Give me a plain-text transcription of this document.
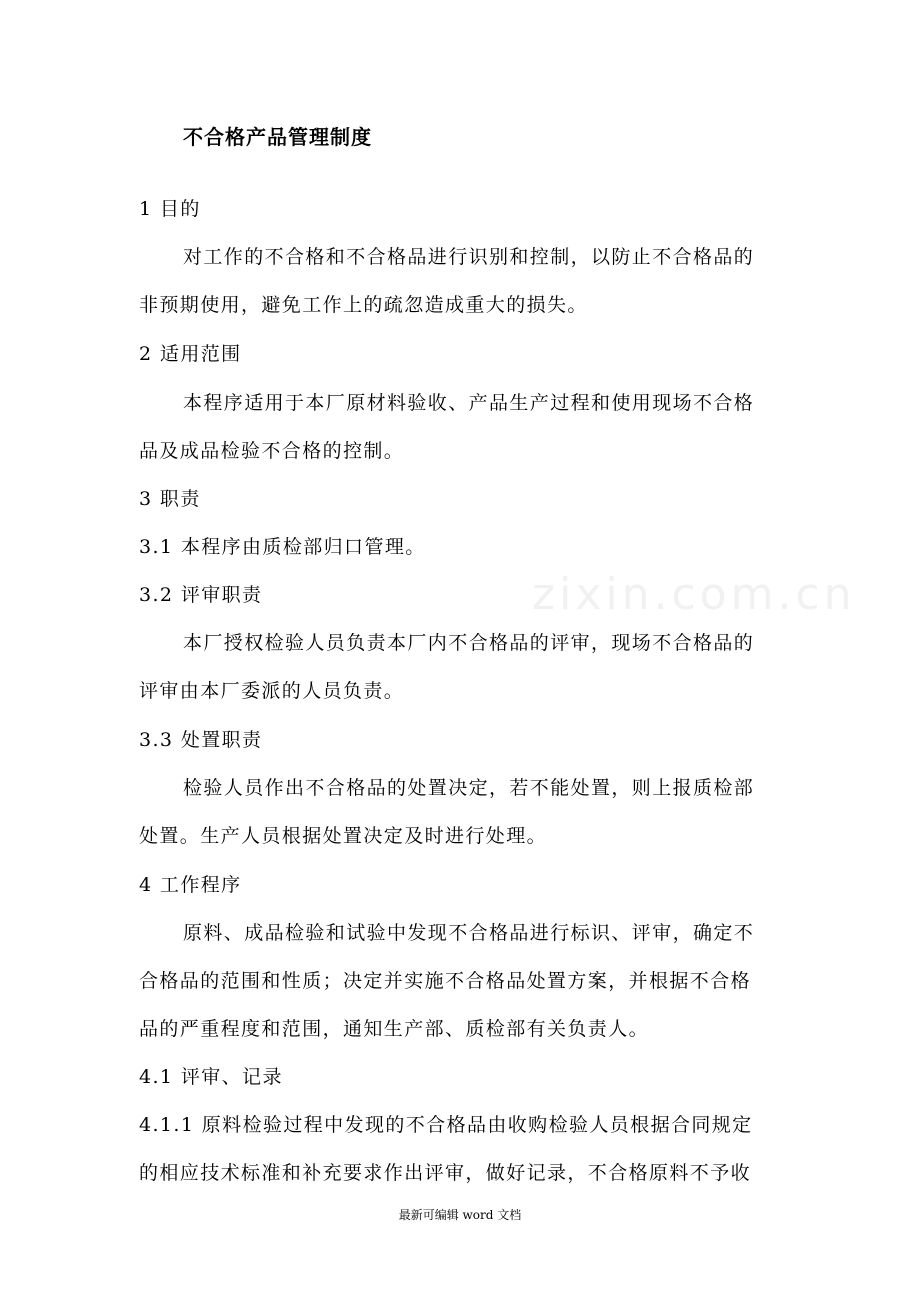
zixin.com.cn
不合格产品管理制度
1 目的
对工作的不合格和不合格品进行识别和控制，以防止不合格品的
非预期使用，避免工作上的疏忽造成重大的损失。
2 适用范围
本程序适用于本厂原材料验收、产品生产过程和使用现场不合格
品及成品检验不合格的控制。
3 职责
3.1 本程序由质检部归口管理。
3.2 评审职责
本厂授权检验人员负责本厂内不合格品的评审，现场不合格品的
评审由本厂委派的人员负责。
3.3 处置职责
检验人员作出不合格品的处置决定，若不能处置，则上报质检部
处置。生产人员根据处置决定及时进行处理。
4 工作程序
原料、成品检验和试验中发现不合格品进行标识、评审，确定不
合格品的范围和性质；决定并实施不合格品处置方案，并根据不合格
品的严重程度和范围，通知生产部、质检部有关负责人。
4.1 评审、记录
4.1.1 原料检验过程中发现的不合格品由收购检验人员根据合同规定
的相应技术标准和补充要求作出评审，做好记录，不合格原料不予收
最新可编辑 word 文档
